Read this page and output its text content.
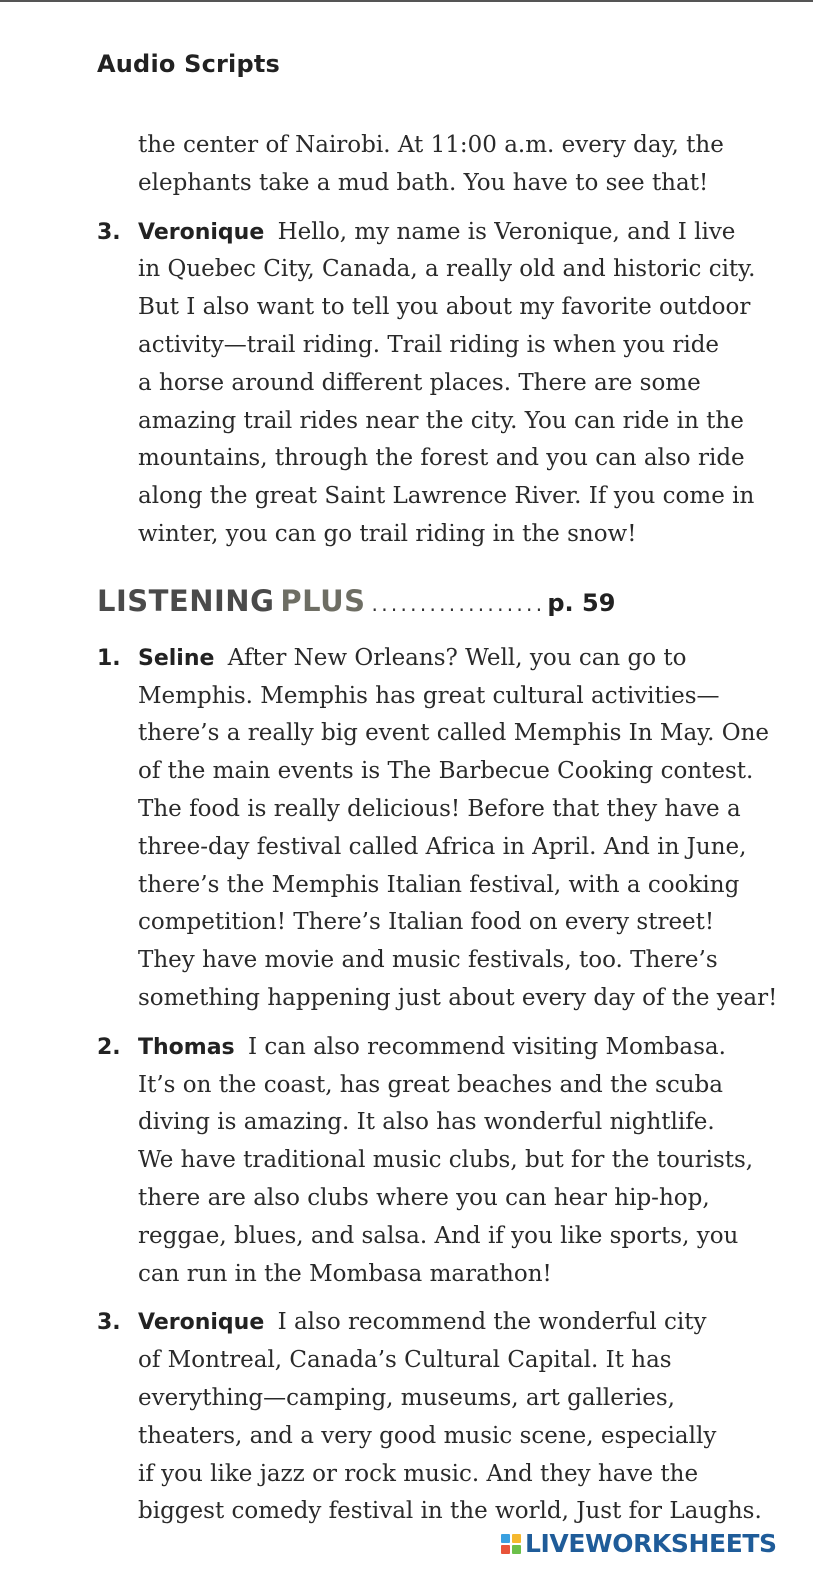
Audio Scripts
the center of Nairobi. At 11:00 a.m. every day, the
elephants take a mud bath. You have to see that!
3. Veronique Hello, my name is Veronique, and I live
in Quebec City, Canada, a really old and historic city.
But I also want to tell you about my favorite outdoor
activity—trail riding. Trail riding is when you ride
a horse around different places. There are some
amazing trail rides near the city. You can ride in the
mountains, through the forest and you can also ride
along the great Saint Lawrence River. If you come in
winter, you can go trail riding in the snow!
LISTENING PLUS ..................p. 59
1. Seline After New Orleans? Well, you can go to
Memphis. Memphis has great cultural activities—
there’s a really big event called Memphis In May. One
of the main events is The Barbecue Cooking contest.
The food is really delicious! Before that they have a
three-day festival called Africa in April. And in June,
there’s the Memphis Italian festival, with a cooking
competition! There’s Italian food on every street!
They have movie and music festivals, too. There’s
something happening just about every day of the year!
2. Thomas I can also recommend visiting Mombasa.
It’s on the coast, has great beaches and the scuba
diving is amazing. It also has wonderful nightlife.
We have traditional music clubs, but for the tourists,
there are also clubs where you can hear hip-hop,
reggae, blues, and salsa. And if you like sports, you
can run in the Mombasa marathon!
3. Veronique I also recommend the wonderful city
of Montreal, Canada’s Cultural Capital. It has
everything—camping, museums, art galleries,
theaters, and a very good music scene, especially
if you like jazz or rock music. And they have the
biggest comedy festival in the world, Just for Laughs.
LIVEWORKSHEETS
